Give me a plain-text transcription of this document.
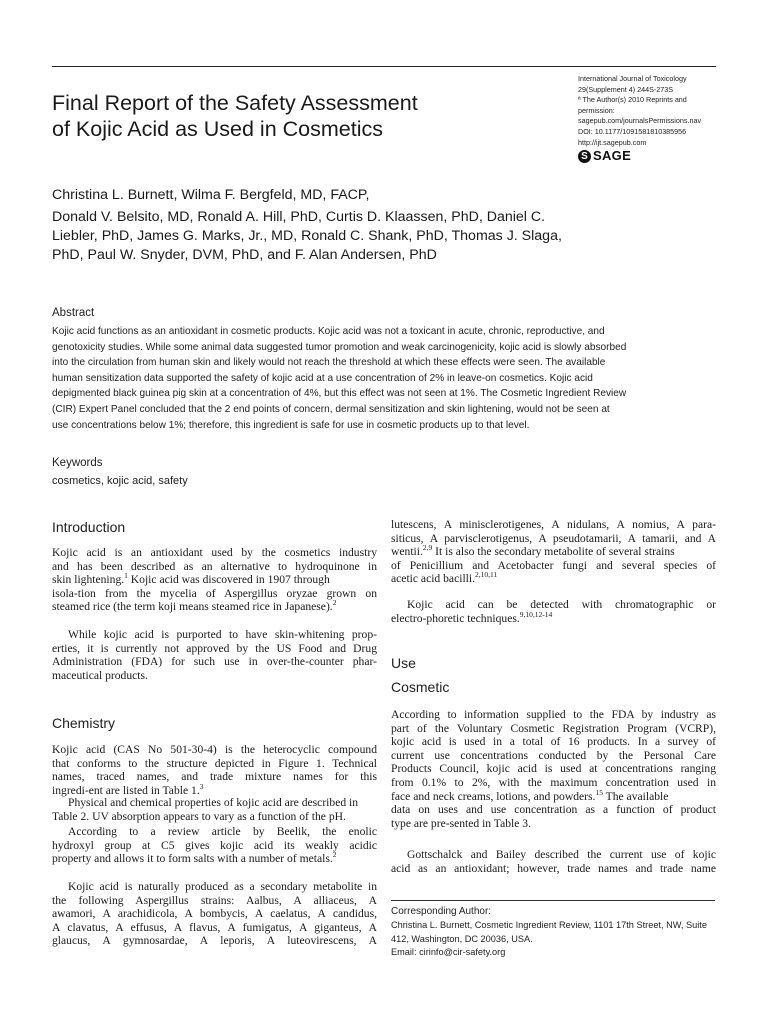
Final Report of the Safety Assessment
of Kojic Acid as Used in Cosmetics
International Journal of Toxicology
29(Supplement 4) 244S-273S
ª The Author(s) 2010 Reprints and
permission:
sagepub.com/journalsPermissions.nav
DOI: 10.1177/1091581810385956
http://ijt.sagepub.com
S SAGE
Christina L. Burnett, Wilma F. Bergfeld, MD, FACP,
Donald V. Belsito, MD, Ronald A. Hill, PhD, Curtis D. Klaassen, PhD, Daniel C.
Liebler, PhD, James G. Marks, Jr., MD, Ronald C. Shank, PhD, Thomas J. Slaga,
PhD, Paul W. Snyder, DVM, PhD, and F. Alan Andersen, PhD
Abstract
Kojic acid functions as an antioxidant in cosmetic products. Kojic acid was not a toxicant in acute, chronic, reproductive, and
genotoxicity studies. While some animal data suggested tumor promotion and weak carcinogenicity, kojic acid is slowly absorbed
into the circulation from human skin and likely would not reach the threshold at which these effects were seen. The available
human sensitization data supported the safety of kojic acid at a use concentration of 2% in leave-on cosmetics. Kojic acid
depigmented black guinea pig skin at a concentration of 4%, but this effect was not seen at 1%. The Cosmetic Ingredient Review
(CIR) Expert Panel concluded that the 2 end points of concern, dermal sensitization and skin lightening, would not be seen at
use concentrations below 1%; therefore, this ingredient is safe for use in cosmetic products up to that level.
Keywords
cosmetics, kojic acid, safety
Introduction
Kojic acid is an antioxidant used by the cosmetics industry
and has been described as an alternative to hydroquinone in
skin lightening.$^1$ Kojic acid was discovered in 1907 through
isola-tion from the mycelia of Aspergillus oryzae grown on
steamed rice (the term koji means steamed rice in Japanese).$^2$
While kojic acid is purported to have skin-whitening prop-
erties, it is currently not approved by the US Food and Drug
Administration (FDA) for such use in over-the-counter phar-
maceutical products.
Chemistry
Kojic acid (CAS No 501-30-4) is the heterocyclic compound
that conforms to the structure depicted in Figure 1. Technical
names, traced names, and trade mixture names for this
ingredi-ent are listed in Table 1.$^3$
Physical and chemical properties of kojic acid are described in
Table 2. UV absorption appears to vary as a function of the pH.
According to a review article by Beelik, the enolic
hydroxyl group at C5 gives kojic acid its weakly acidic
property and allows it to form salts with a number of metals.$^2$
Kojic acid is naturally produced as a secondary metabolite in
the following Aspergillus strains: Aalbus, A alliaceus, A
awamori, A arachidicola, A bombycis, A caelatus, A candidus,
A clavatus, A effusus, A flavus, A fumigatus, A giganteus, A
glaucus, A gymnosardae, A leporis, A luteovirescens, A
lutescens, A minisclerotigenes, A nidulans, A nomius, A para-
siticus, A parvisclerotigenus, A pseudotamarii, A tamarii, and A
wentii.$^{2,9}$ It is also the secondary metabolite of several strains
of Penicillium and Acetobacter fungi and several species of
acetic acid bacilli.$^{2,10,11}$
Kojic acid can be detected with chromatographic or
electro-phoretic techniques.$^{9,10,12-14}$
Use
Cosmetic
According to information supplied to the FDA by industry as
part of the Voluntary Cosmetic Registration Program (VCRP),
kojic acid is used in a total of 16 products. In a survey of
current use concentrations conducted by the Personal Care
Products Council, kojic acid is used at concentrations ranging
from 0.1% to 2%, with the maximum concentration used in
face and neck creams, lotions, and powders.$^{15}$ The available
data on uses and use concentration as a function of product
type are pre-sented in Table 3.
Gottschalck and Bailey described the current use of kojic
acid as an antioxidant; however, trade names and trade name
Corresponding Author:
Christina L. Burnett, Cosmetic Ingredient Review, 1101 17th Street, NW, Suite
412, Washington, DC 20036, USA.
Email: cirinfo@cir-safety.org
